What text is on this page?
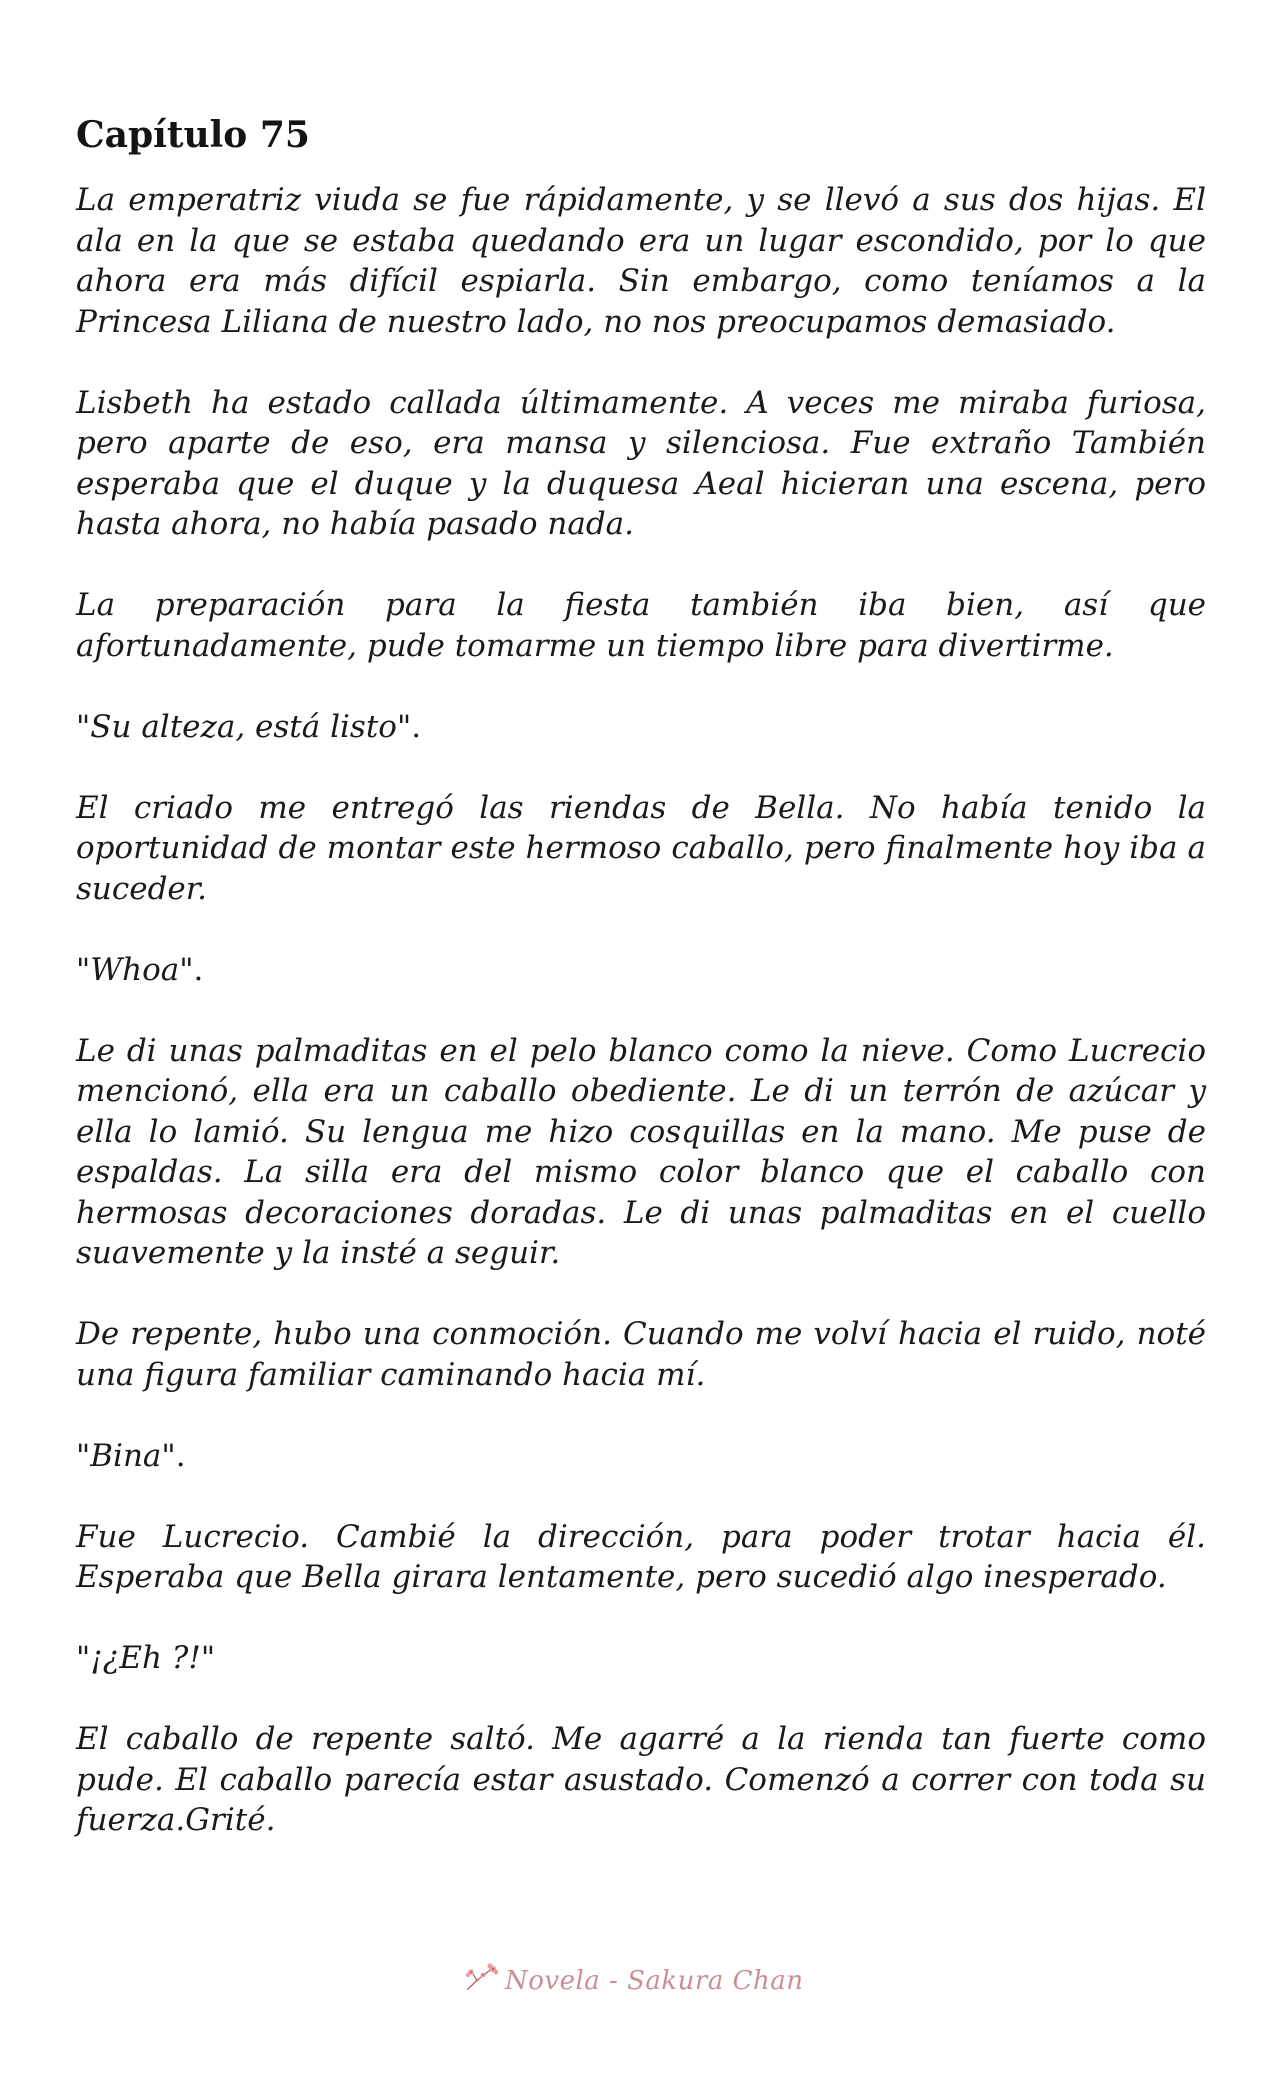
Capítulo 75

La emperatriz viuda se fue rápidamente, y se llevó a sus dos hijas. El ala en la que se estaba quedando era un lugar escondido, por lo que ahora era más difícil espiarla. Sin embargo, como teníamos a la Princesa Liliana de nuestro lado, no nos preocupamos demasiado.

Lisbeth ha estado callada últimamente. A veces me miraba furiosa, pero aparte de eso, era mansa y silenciosa. Fue extraño También esperaba que el duque y la duquesa Aeal hicieran una escena, pero hasta ahora, no había pasado nada.

La preparación para la fiesta también iba bien, así que afortunadamente, pude tomarme un tiempo libre para divertirme.

"Su alteza, está listo".

El criado me entregó las riendas de Bella. No había tenido la oportunidad de montar este hermoso caballo, pero finalmente hoy iba a suceder.

"Whoa".

Le di unas palmaditas en el pelo blanco como la nieve. Como Lucrecio mencionó, ella era un caballo obediente. Le di un terrón de azúcar y ella lo lamió. Su lengua me hizo cosquillas en la mano. Me puse de espaldas. La silla era del mismo color blanco que el caballo con hermosas decoraciones doradas. Le di unas palmaditas en el cuello suavemente y la insté a seguir.

De repente, hubo una conmoción. Cuando me volví hacia el ruido, noté una figura familiar caminando hacia mí.

"Bina".

Fue Lucrecio. Cambié la dirección, para poder trotar hacia él. Esperaba que Bella girara lentamente, pero sucedió algo inesperado.

"¡¿Eh ?!"

El caballo de repente saltó. Me agarré a la rienda tan fuerte como pude. El caballo parecía estar asustado. Comenzó a correr con toda su fuerza.Grité.

Novela - Sakura Chan
